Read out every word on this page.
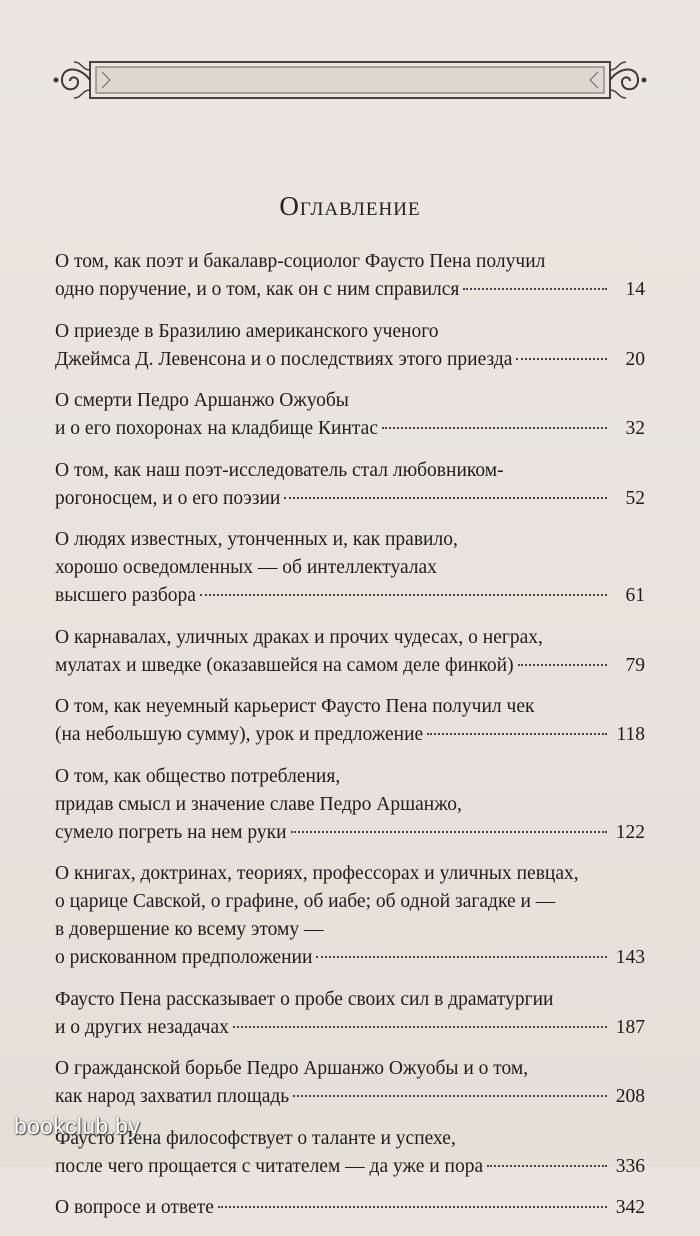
Оглавление
О том, как поэт и бакалавр-социолог Фаусто Пена получил
одно поручение, и о том, как он с ним справился	14
О приезде в Бразилию американского ученого
Джеймса Д. Левенсона и о последствиях этого приезда	20
О смерти Педро Аршанжо Ожуобы
и о его похоронах на кладбище Кинтас	32
О том, как наш поэт-исследователь стал любовником-
рогоносцем, и о его поэзии	52
О людях известных, утонченных и, как правило,
хорошо осведомленных — об интеллектуалах
высшего разбора	61
О карнавалах, уличных драках и прочих чудесах, о неграх,
мулатах и шведке (оказавшейся на самом деле финкой)	79
О том, как неуемный карьерист Фаусто Пена получил чек
(на небольшую сумму), урок и предложение	118
О том, как общество потребления,
придав смысл и значение славе Педро Аршанжо,
сумело погреть на нем руки	122
О книгах, доктринах, теориях, профессорах и уличных певцах,
о царице Савской, о графине, об иабе; об одной загадке и —
в довершение ко всему этому —
о рискованном предположении	143
Фаусто Пена рассказывает о пробе своих сил в драматургии
и о других незадачах	187
О гражданской борьбе Педро Аршанжо Ожуобы и о том,
как народ захватил площадь	208
Фаусто Пена философствует о таланте и успехе,
после чего прощается с читателем — да уже и пора	336
О вопросе и ответе	342
bookclub.by
